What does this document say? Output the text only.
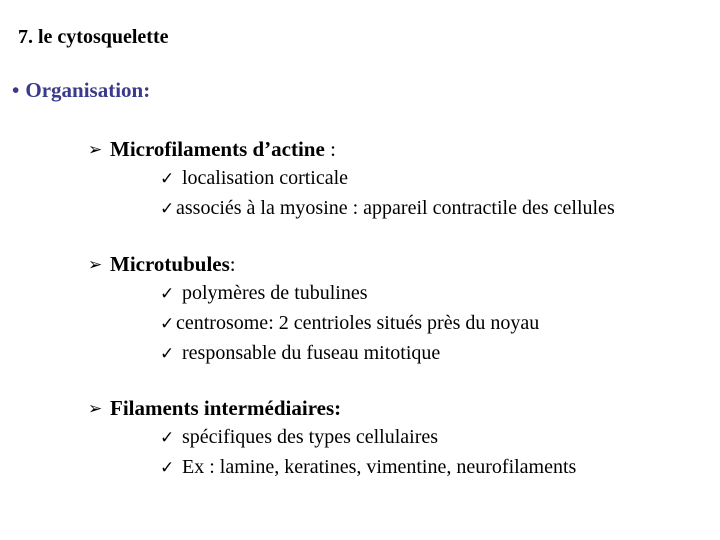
7. le cytosquelette
• Organisation:
➢ Microfilaments d’actine :
✓ localisation corticale
✓associés à la myosine : appareil contractile des cellules
➢ Microtubules:
✓ polymères de tubulines
✓centrosome: 2 centrioles situés près du noyau
✓ responsable du fuseau mitotique
➢ Filaments intermédiaires:
✓ spécifiques des types cellulaires
✓ Ex : lamine, keratines, vimentine, neurofilaments
